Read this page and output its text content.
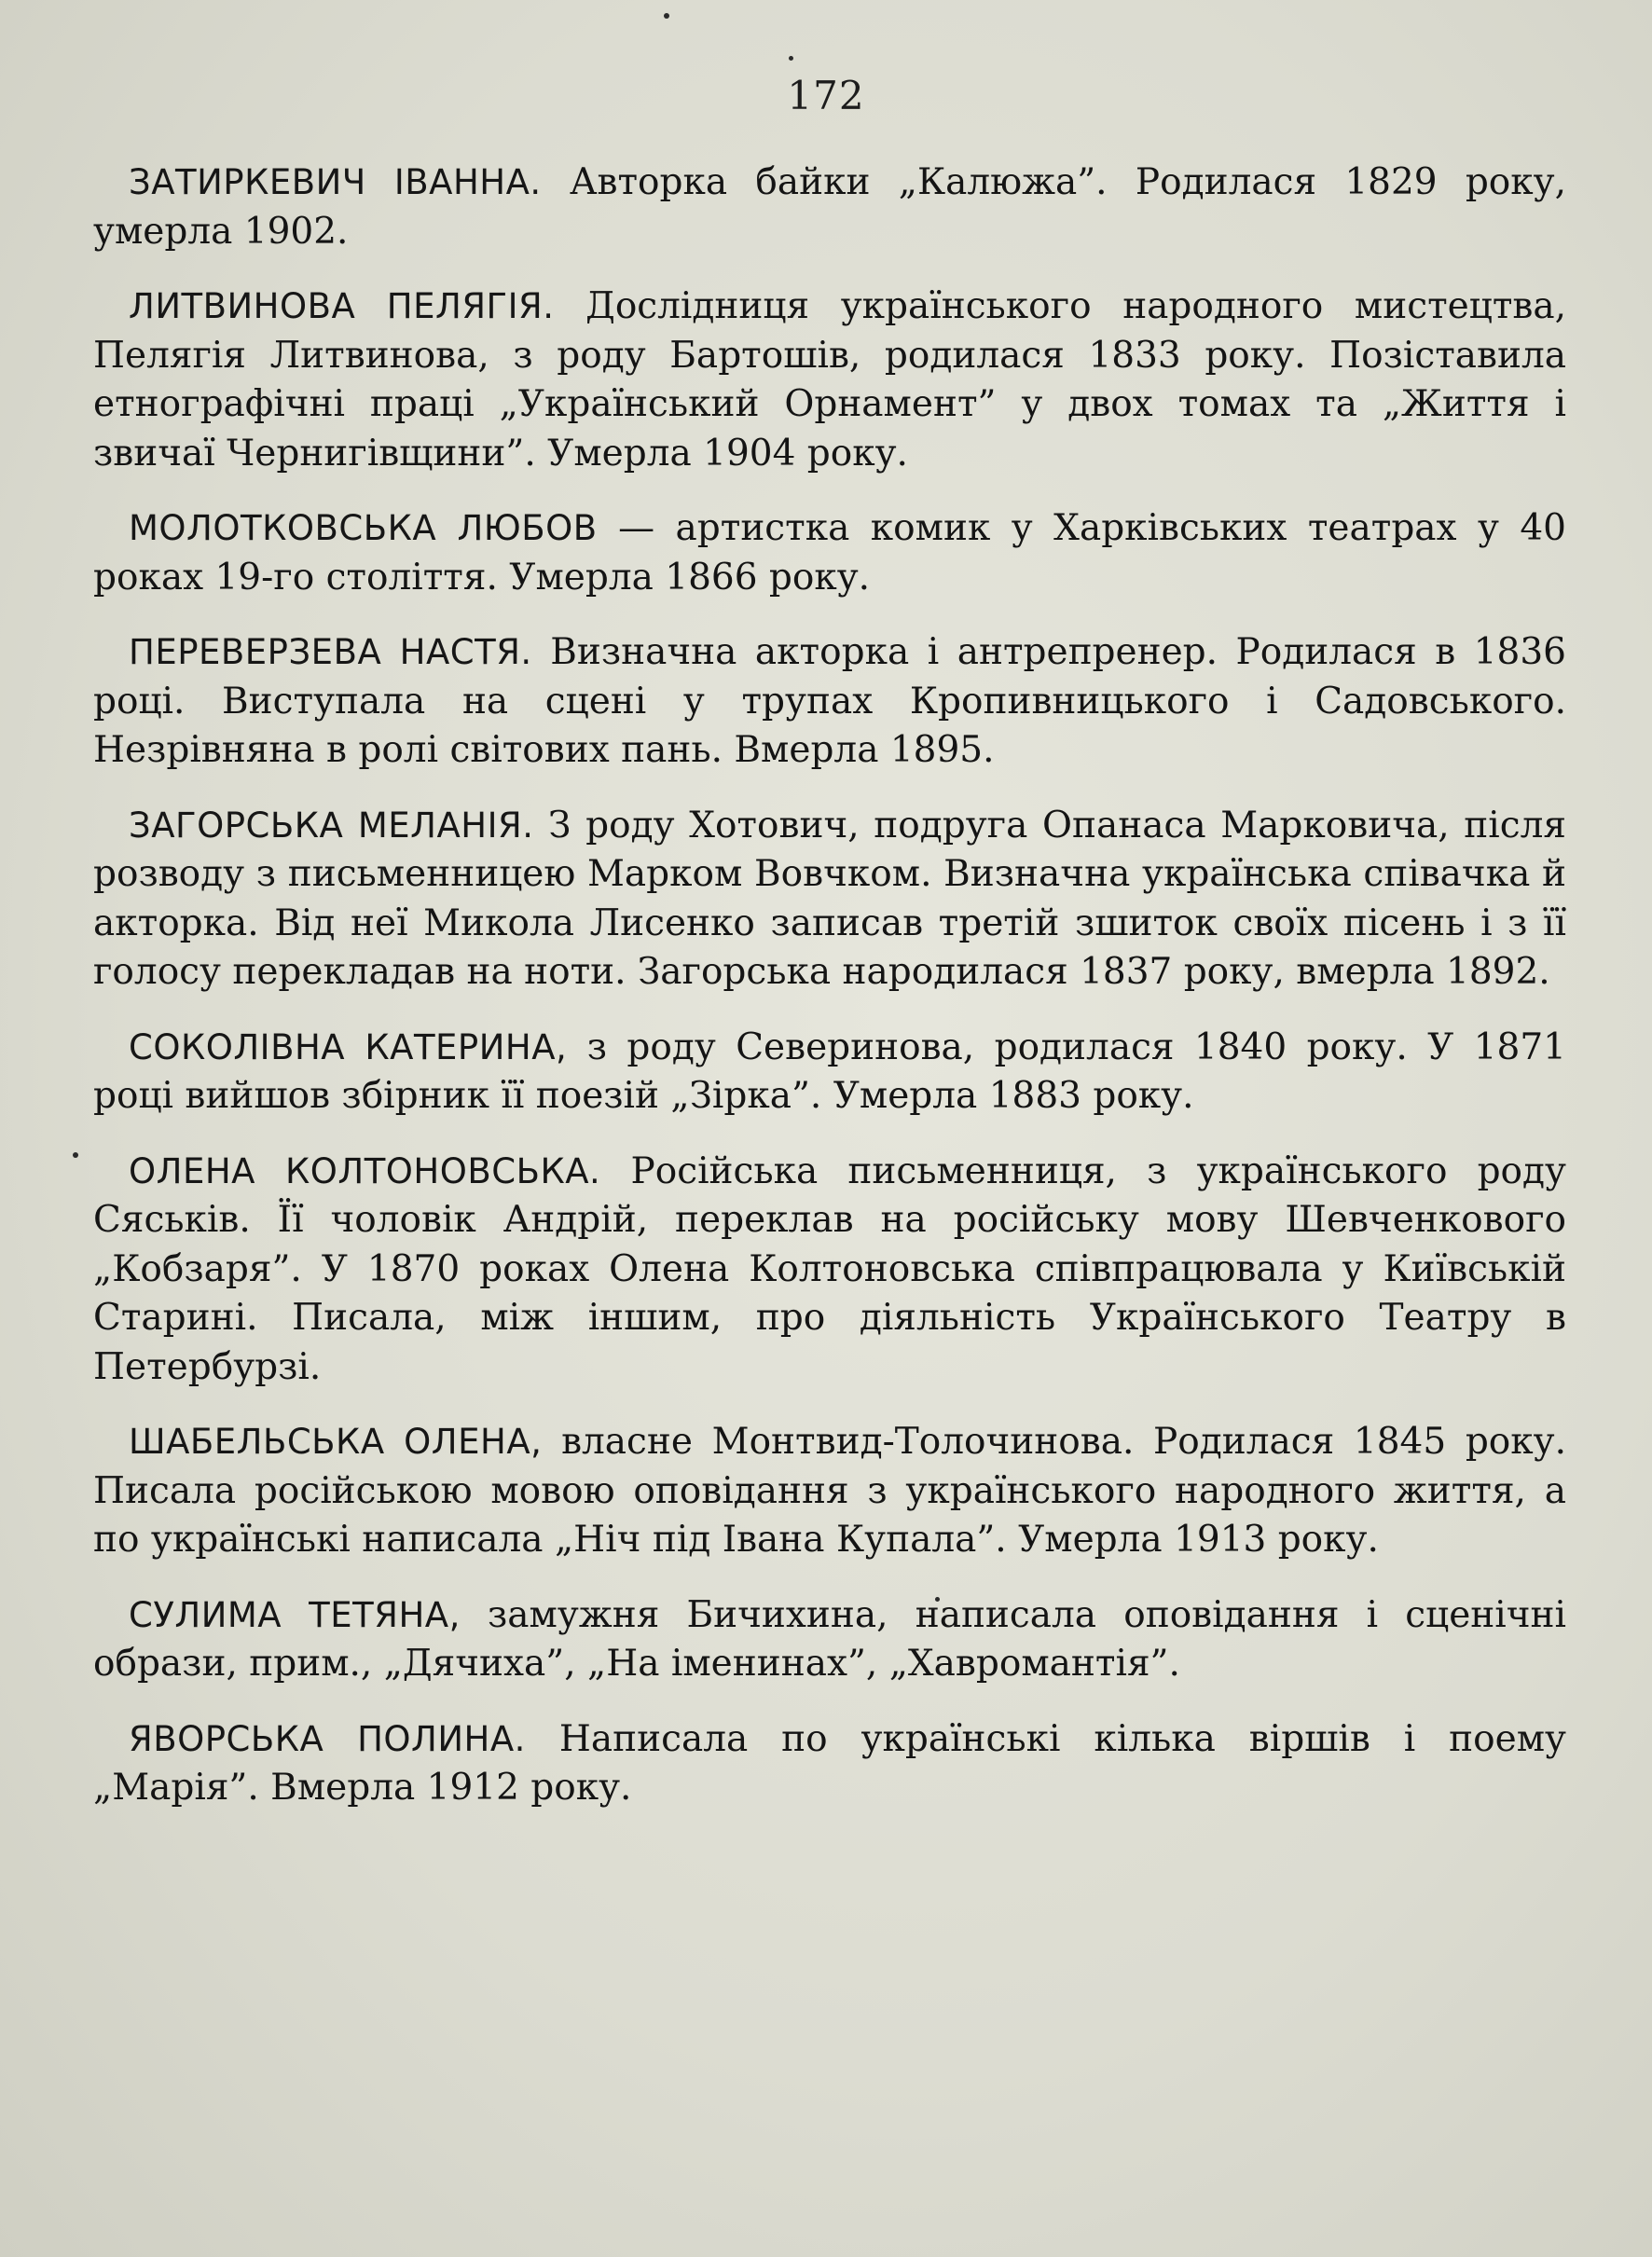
172

ЗАТИРКЕВИЧ ІВАННА. Авторка байки „Калюжа”. Родилася 1829 року, умерла 1902.

ЛИТВИНОВА ПЕЛЯГІЯ. Дослідниця українського народного мистецтва, Пелягія Литвинова, з роду Бартошів, родилася 1833 року. Позіставила етнографічні праці „Український Орнамент” у двох томах та „Життя і звичаї Чернигівщини”. Умерла 1904 року.

МОЛОТКОВСЬКА ЛЮБОВ — артистка комик у Харківських театрах у 40 роках 19-го століття. Умерла 1866 року.

ПЕРЕВЕРЗЕВА НАСТЯ. Визначна акторка і антрепренер. Родилася в 1836 році. Виступала на сцені у трупах Кропивницького і Садовського. Незрівняна в ролі світових пань. Вмерла 1895.

ЗАГОРСЬКА МЕЛАНІЯ. З роду Хотович, подруга Опанаса Марковича, після розводу з письменницею Марком Вовчком. Визначна українська співачка й акторка. Від неї Микола Лисенко записав третій зшиток своїх пісень і з її голосу перекладав на ноти. Загорська народилася 1837 року, вмерла 1892.

СОКОЛІВНА КАТЕРИНА, з роду Северинова, родилася 1840 року. У 1871 році вийшов збірник її поезій „Зірка”. Умерла 1883 року.

ОЛЕНА КОЛТОНОВСЬКА. Російська письменниця, з українського роду Сяськів. Її чоловік Андрій, переклав на російську мову Шевченкового „Кобзаря”. У 1870 роках Олена Колтоновська співпрацювала у Київській Старині. Писала, між іншим, про діяльність Українського Театру в Петербурзі.

ШАБЕЛЬСЬКА ОЛЕНА, власне Монтвид-Толочинова. Родилася 1845 року. Писала російською мовою оповідання з українського народного життя, а по українські написала „Ніч під Івана Купала”. Умерла 1913 року.

СУЛИМА ТЕТЯНА, замужня Бичихина, написала оповідання і сценічні образи, прим., „Дячиха”, „На іменинах”, „Хавромантія”.

ЯВОРСЬКА ПОЛИНА. Написала по українські кілька віршів і поему „Марія”. Вмерла 1912 року.
